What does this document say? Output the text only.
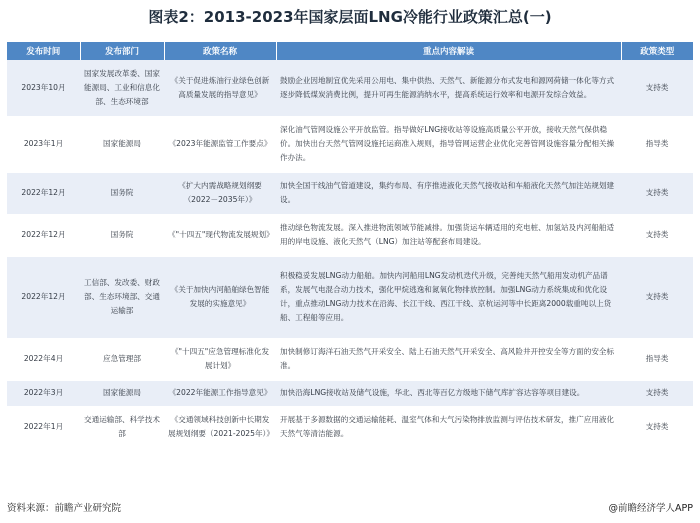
图表2：2013-2023年国家层面LNG冷能行业政策汇总(一)
发布时间	发布部门	政策名称	重点内容解读	政策类型
2023年10月	国家发展改革委、国家能源局、工业和信息化部、生态环境部	《关于促进炼油行业绿色创新高质量发展的指导意见》	鼓励企业因地制宜优先采用公用电、集中供热、天然气、新能源分布式发电和源网荷储一体化等方式逐步降低煤炭消费比例，提升可再生能源消纳水平，提高系统运行效率和电源开发综合效益。	支持类
2023年1月	国家能源局	《2023年能源监管工作要点》	深化油气管网设施公平开放监管。指导做好LNG接收站等设施高质量公平开放，接收天然气保供稳价。加快出台天然气管网设施托运商准入规则，指导管网运营企业优化完善管网设施容量分配相关操作办法。	指导类
2022年12月	国务院	《扩大内需战略规划纲要（2022－2035年）》	加快全国干线油气管道建设，集约布局、有序推进液化天然气接收站和车船液化天然气加注站规划建设。	支持类
2022年12月	国务院	《"十四五"现代物流发展规划》	推动绿色物流发展。深入推进物流领域节能减排。加强货运车辆适用的充电桩、加氢站及内河船舶适用的岸电设施、液化天然气（LNG）加注站等配套布局建设。	支持类
2022年12月	工信部、发改委、财政部、生态环境部、交通运输部	《关于加快内河船舶绿色智能发展的实施意见》	积极稳妥发展LNG动力船舶。加快内河船用LNG发动机迭代升级，完善纯天然气船用发动机产品谱系，发展气电混合动力技术，强化甲烷逃逸和氮氧化物排放控制。加强LNG动力系统集成和优化设计，重点推动LNG动力技术在沿海、长江干线、西江干线、京杭运河等中长距离2000载重吨以上货船、工程船等应用。	支持类
2022年4月	应急管理部	《"十四五"应急管理标准化发展计划》	加快制修订海洋石油天然气开采安全、陆上石油天然气开采安全、高风险井开控安全等方面的安全标准。	指导类
2022年3月	国家能源局	《2022年能源工作指导意见》	加快沿海LNG接收站及储气设施，华北、西北等百亿方级地下储气库扩容达容等项目建设。	支持类
2022年1月	交通运输部、科学技术部	《交通领域科技创新中长期发展规划纲要（2021-2025年）》	开展基于多源数据的交通运输能耗、温室气体和大气污染物排放监测与评估技术研发，推广应用液化天然气等清洁能源。	支持类
资料来源：前瞻产业研究院	@前瞻经济学人APP
